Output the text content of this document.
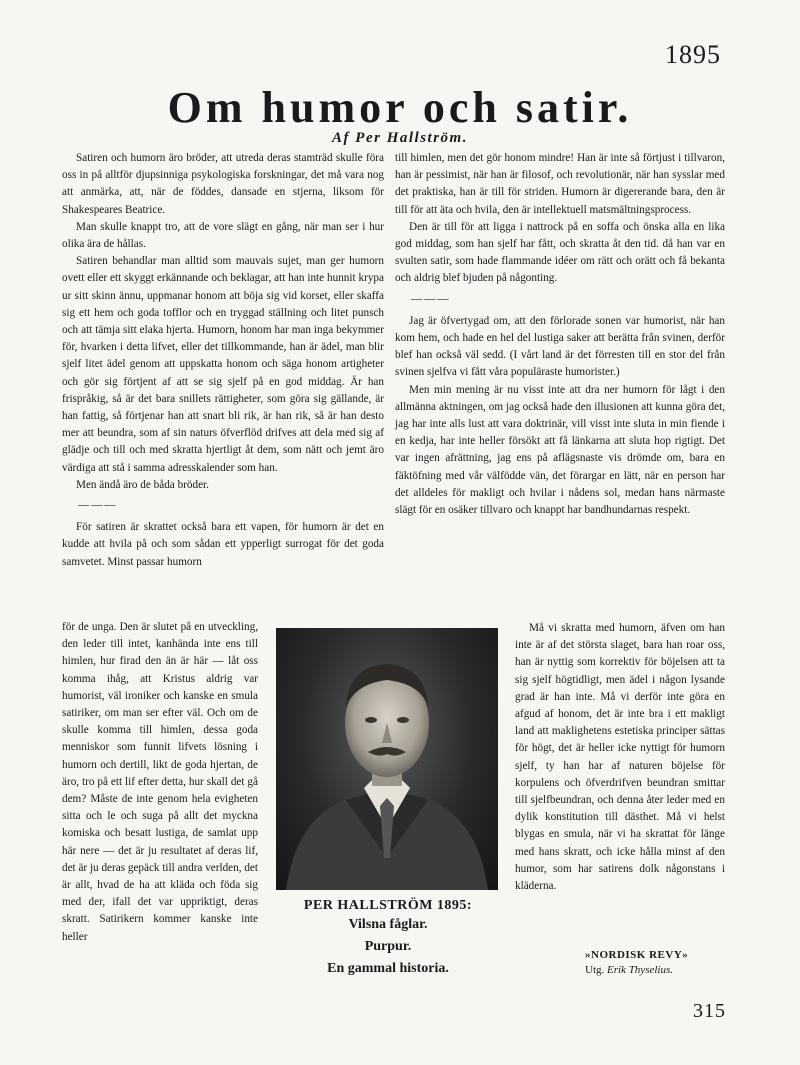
1895
Om humor och satir.
Af Per Hallström.

Satiren och humorn äro bröder, att utreda deras stamträd skulle föra oss in på alltför djupsinniga psykologiska forskningar, det må vara nog att anmärka, att, när de föddes, dansade en stjerna, liksom för Shakespeares Beatrice.

Man skulle knappt tro, att de vore slägt en gång, när man ser i hur olika ära de hållas.

Satiren behandlar man alltid som mauvais sujet, man ger humorn ovett eller ett skyggt erkännande och beklagar, att han inte hunnit krypa ur sitt skinn ännu, uppmanar honom att böja sig vid korset, eller skaffa sig ett hem och goda tofflor och en tryggad ställning och litet punsch och att tämja sitt elaka hjerta. Humorn, honom har man inga bekymmer för, hvarken i detta lifvet, eller det tillkommande, han är ädel, man blir sjelf litet ädel genom att uppskatta honom och säga honom artigheter och gör sig förtjent af att se sig sjelf på en god middag. Är han frispråkig, så är det bara snillets rättigheter, som göra sig gällande, är han fattig, så förtjenar han att snart bli rik, är han rik, så är han desto mer att beundra, som af sin naturs öfverflöd drifves att dela med sig af glädje och till och med skratta hjertligt åt dem, som nätt och jemt äro värdiga att stå i samma adresskalender som han.

Men ändå äro de båda bröder.

———

För satiren är skrattet också bara ett vapen, för humorn är det en kudde att hvila på och som sådan ett ypperligt surrogat för det goda samvetet. Minst passar humorn

för de unga. Den är slutet på en utveckling, den leder till intet, kanhända inte ens till himlen, hur firad den än är här — låt oss komma ihåg, att Kristus aldrig var humorist, väl ironiker och kanske en smula satiriker, om man ser efter väl. Och om de skulle komma till himlen, dessa goda menniskor som funnit lifvets lösning i humorn och dertill, likt de goda hjertan, de äro, tro på ett lif efter detta, hur skall det gå dem? Måste de inte genom hela evigheten sitta och le och suga på allt det myckna komiska och besatt lustiga, de samlat upp här nere — det är ju resultatet af deras lif, det är ju deras gepäck till andra verlden, det är allt, hvad de ha att kläda och föda sig med der, ifall det var uppriktigt, deras skratt. Satirikern kommer kanske inte heller

till himlen, men det gör honom mindre! Han är inte så förtjust i tillvaron, han är pessimist, när han är filosof, och revolutionär, när han sysslar med det praktiska, han är till för striden. Humorn är digererande bara, den är till för att äta och hvila, den är intellektuell matsmältningsprocess.

Den är till för att ligga i nattrock på en soffa och önska alla en lika god middag, som han sjelf har fått, och skratta åt den tid. då han var en svulten satir, som hade flammande idéer om rätt och orätt och få bekanta och aldrig blef bjuden på någonting.

———

Jag är öfvertygad om, att den förlorade sonen var humorist, när han kom hem, och hade en hel del lustiga saker att berätta från svinen, derför blef han också väl sedd. (I vårt land är det förresten till en stor del från svinen sjelfva vi fått våra populäraste humorister.)

Men min mening är nu visst inte att dra ner humorn för lågt i den allmänna aktningen, om jag också hade den illusionen att kunna göra det, jag har inte alls lust att vara doktrinär, vill visst inte sluta in min fiende i en kedja, har inte heller försökt att få länkarna att sluta hop rigtigt. Det var ingen afrättning, jag ens på aflägsnaste vis drömde om, bara en fäktöfning med vår välfödde vän, det förargar en lätt, när en person har det alldeles för makligt och hvilar i nådens sol, medan hans närmaste slägt för en osäker tillvaro och knappt har bandhundarnas respekt.

Må vi skratta med humorn, äfven om han inte är af det största slaget, bara han roar oss, han är nyttig som korrektiv för böjelsen att ta sig sjelf högtidligt, men ädel i någon lysande grad är han inte. Må vi derför inte göra en afgud af honom, det är inte bra i ett makligt land att maklighetens estetiska principer sättas för högt, det är heller icke nyttigt för humorn sjelf, ty han har af naturen böjelse för korpulens och öfverdrifven beundran smittar till sjelfbeundran, och denna åter leder med en dylik konstitution till dästhet. Må vi helst blygas en smula, när vi ha skrattat för länge med hans skratt, och icke hålla minst af den humor, som har satirens dolk någonstans i kläderna.

PER HALLSTRÖM 1895:
Vilsna fåglar.
Purpur.
En gammal historia.
»NORDISK REVY»
Utg. Erik Thyselius.
315
